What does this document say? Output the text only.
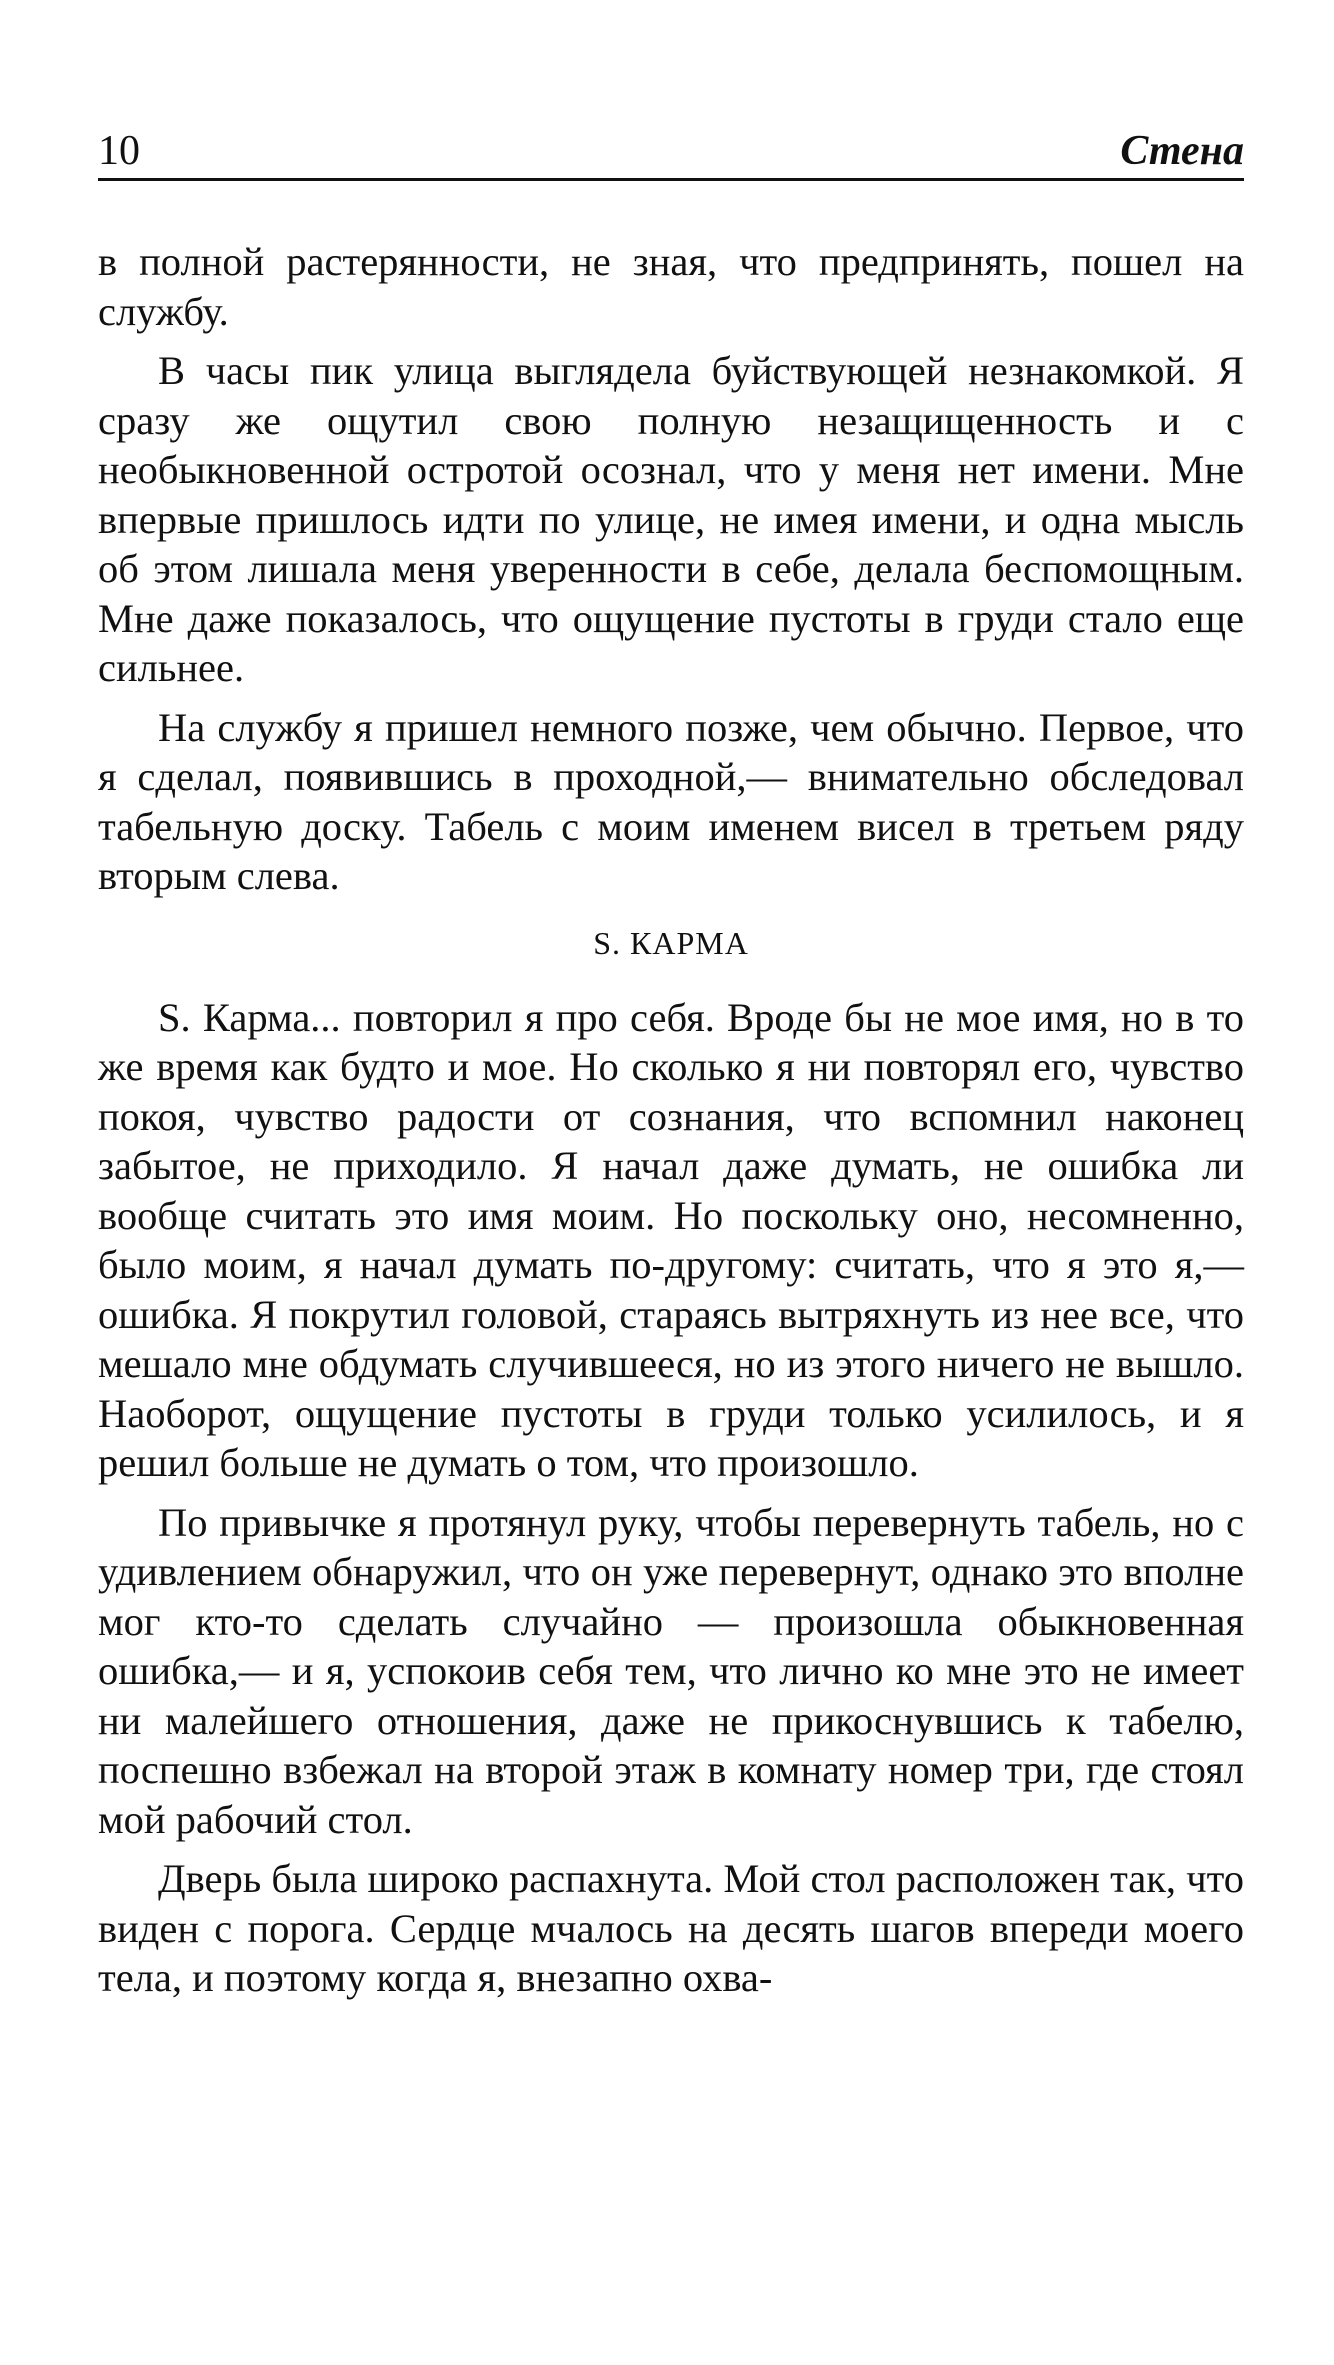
10	Стена

в полной растерянности, не зная, что предпринять, пошел на службу.

В часы пик улица выглядела буйствующей незнакомкой. Я сразу же ощутил свою полную незащищенность и с необыкновенной остротой осознал, что у меня нет имени. Мне впервые пришлось идти по улице, не имея имени, и одна мысль об этом лишала меня уверенности в себе, делала беспомощным. Мне даже показалось, что ощущение пустоты в груди стало еще сильнее.

На службу я пришел немного позже, чем обычно. Первое, что я сделал, появившись в проходной,— внимательно обследовал табельную доску. Табель с моим именем висел в третьем ряду вторым слева.

S. КАРМА

S. Карма... повторил я про себя. Вроде бы не мое имя, но в то же время как будто и мое. Но сколько я ни повторял его, чувство покоя, чувство радости от сознания, что вспомнил наконец забытое, не приходило. Я начал даже думать, не ошибка ли вообще считать это имя моим. Но поскольку оно, несомненно, было моим, я начал думать по-другому: считать, что я это я,— ошибка. Я покрутил головой, стараясь вытряхнуть из нее все, что мешало мне обдумать случившееся, но из этого ничего не вышло. Наоборот, ощущение пустоты в груди только усилилось, и я решил больше не думать о том, что произошло.

По привычке я протянул руку, чтобы перевернуть табель, но с удивлением обнаружил, что он уже перевернут, однако это вполне мог кто-то сделать случайно — произошла обыкновенная ошибка,— и я, успокоив себя тем, что лично ко мне это не имеет ни малейшего отношения, даже не прикоснувшись к табелю, поспешно взбежал на второй этаж в комнату номер три, где стоял мой рабочий стол.

Дверь была широко распахнута. Мой стол расположен так, что виден с порога. Сердце мчалось на десять шагов впереди моего тела, и поэтому когда я, внезапно охва-
